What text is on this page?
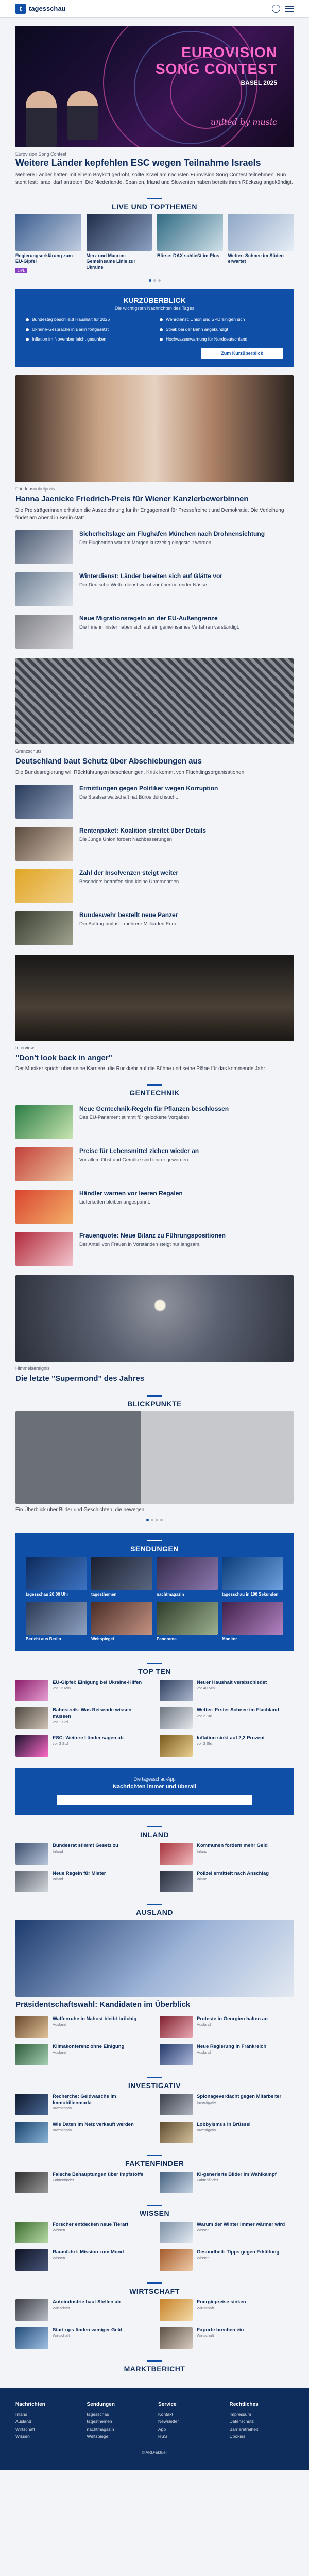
t	tagesschau
EUROVISION
SONG CONTEST
BASEL 2025
united by music
Eurovision Song Contest
Weitere Länder kepfehlen ESC wegen Teilnahme Israels
Mehrere Länder hatten mit einem Boykott gedroht, sollte Israel am nächsten Eurovision Song Contest teilnehmen. Nun steht fest: Israel darf antreten. Die Niederlande, Spanien, Irland und Slowenien haben bereits ihren Rückzug angekündigt.
LIVE UND TOPTHEMEN
Regierungserklärung zum EU-Gipfel
LIVE
Merz und Macron: Gemeinsame Linie zur Ukraine
Börse: DAX schließt im Plus	Wetter: Schnee im Süden erwartet
KURZÜBERBLICK
Die wichtigsten Nachrichten des Tages
Bundestag beschließt Haushalt für 2026	Wehrdienst: Union und SPD einigen sich
Ukraine-Gespräche in Berlin fortgesetzt	Streik bei der Bahn angekündigt
Inflation im November leicht gesunken	Hochwasserwarnung für Norddeutschland
Zum Kurzüberblick
Friedensnobelpreis
Hanna Jaenicke Friedrich-Preis für Wiener Kanzlerbewerbinnen
Die Preisträgerinnen erhalten die Auszeichnung für ihr Engagement für Pressefreiheit und Demokratie. Die Verleihung findet am Abend in Berlin statt.
Sicherheitslage am Flughafen München nach Drohnensichtung
Der Flugbetrieb war am Morgen kurzzeitig eingestellt worden.
Winterdienst: Länder bereiten sich auf Glätte vor
Der Deutsche Wetterdienst warnt vor überfrierender Nässe.
Neue Migrationsregeln an der EU-Außengrenze
Die Innenminister haben sich auf ein gemeinsames Verfahren verständigt.
Grenzschutz
Deutschland baut Schutz über Abschiebungen aus
Die Bundesregierung will Rückführungen beschleunigen. Kritik kommt von Flüchtlingsorganisationen.
Ermittlungen gegen Politiker wegen Korruption
Die Staatsanwaltschaft hat Büros durchsucht.
Rentenpaket: Koalition streitet über Details
Die Junge Union fordert Nachbesserungen.
Zahl der Insolvenzen steigt weiter
Besonders betroffen sind kleine Unternehmen.
Bundeswehr bestellt neue Panzer
Der Auftrag umfasst mehrere Milliarden Euro.
Interview
"Don't look back in anger"
Der Musiker spricht über seine Karriere, die Rückkehr auf die Bühne und seine Pläne für das kommende Jahr.
GENTECHNIK
Neue Gentechnik-Regeln für Pflanzen beschlossen
Das EU-Parlament stimmt für gelockerte Vorgaben.
Preise für Lebensmittel ziehen wieder an
Vor allem Obst und Gemüse sind teurer geworden.
Händler warnen vor leeren Regalen
Lieferketten bleiben angespannt.
Frauenquote: Neue Bilanz zu Führungspositionen
Der Anteil von Frauen in Vorständen steigt nur langsam.
Himmelsereignis
Die letzte "Supermond" des Jahres
BLICKPUNKTE
Ein Überblick über Bilder und Geschichten, die bewegen.
SENDUNGEN
tagesschau 20:00 Uhr	tagesthemen	nachtmagazin	tagesschau in 100 Sekunden
Bericht aus Berlin	Weltspiegel	Panorama	Monitor
TOP TEN
EU-Gipfel: Einigung bei Ukraine-Hilfen
vor 12 Min
Neuer Haushalt verabschiedet
vor 40 Min
Bahnstreik: Was Reisende wissen müssen
vor 1 Std
Wetter: Erster Schnee im Flachland
vor 2 Std
ESC: Weitere Länder sagen ab
vor 3 Std
Inflation sinkt auf 2,2 Prozent
vor 3 Std
Die tagesschau-App
Nachrichten immer und überall
INLAND
Bundesrat stimmt Gesetz zu
Inland
Kommunen fordern mehr Geld
Inland
Neue Regeln für Mieter
Inland
Polizei ermittelt nach Anschlag
Inland
AUSLAND
Präsidentschaftswahl: Kandidaten im Überblick
Waffenruhe in Nahost bleibt brüchig
Ausland
Proteste in Georgien halten an
Ausland
Klimakonferenz ohne Einigung
Ausland
Neue Regierung in Frankreich
Ausland
INVESTIGATIV
Recherche: Geldwäsche im Immobilienmarkt
Investigativ
Spionageverdacht gegen Mitarbeiter
Investigativ
Wie Daten im Netz verkauft werden
Investigativ
Lobbyismus in Brüssel
Investigativ
FAKTENFINDER
Falsche Behauptungen über Impfstoffe
Faktenfinder
KI-generierte Bilder im Wahlkampf
Faktenfinder
WISSEN
Forscher entdecken neue Tierart
Wissen
Warum der Winter immer wärmer wird
Wissen
Raumfahrt: Mission zum Mond
Wissen
Gesundheit: Tipps gegen Erkältung
Wissen
WIRTSCHAFT
Autoindustrie baut Stellen ab
Wirtschaft
Energiepreise sinken
Wirtschaft
Start-ups finden weniger Geld
Wirtschaft
Exporte brechen ein
Wirtschaft
MARKTBERICHT
Nachrichten
Inland
Ausland
Wirtschaft
Wissen
Sendungen
tagesschau
tagesthemen
nachtmagazin
Weltspiegel
Service
Kontakt
Newsletter
App
RSS
Rechtliches
Impressum
Datenschutz
Barrierefreiheit
Cookies
© ARD-aktuell
